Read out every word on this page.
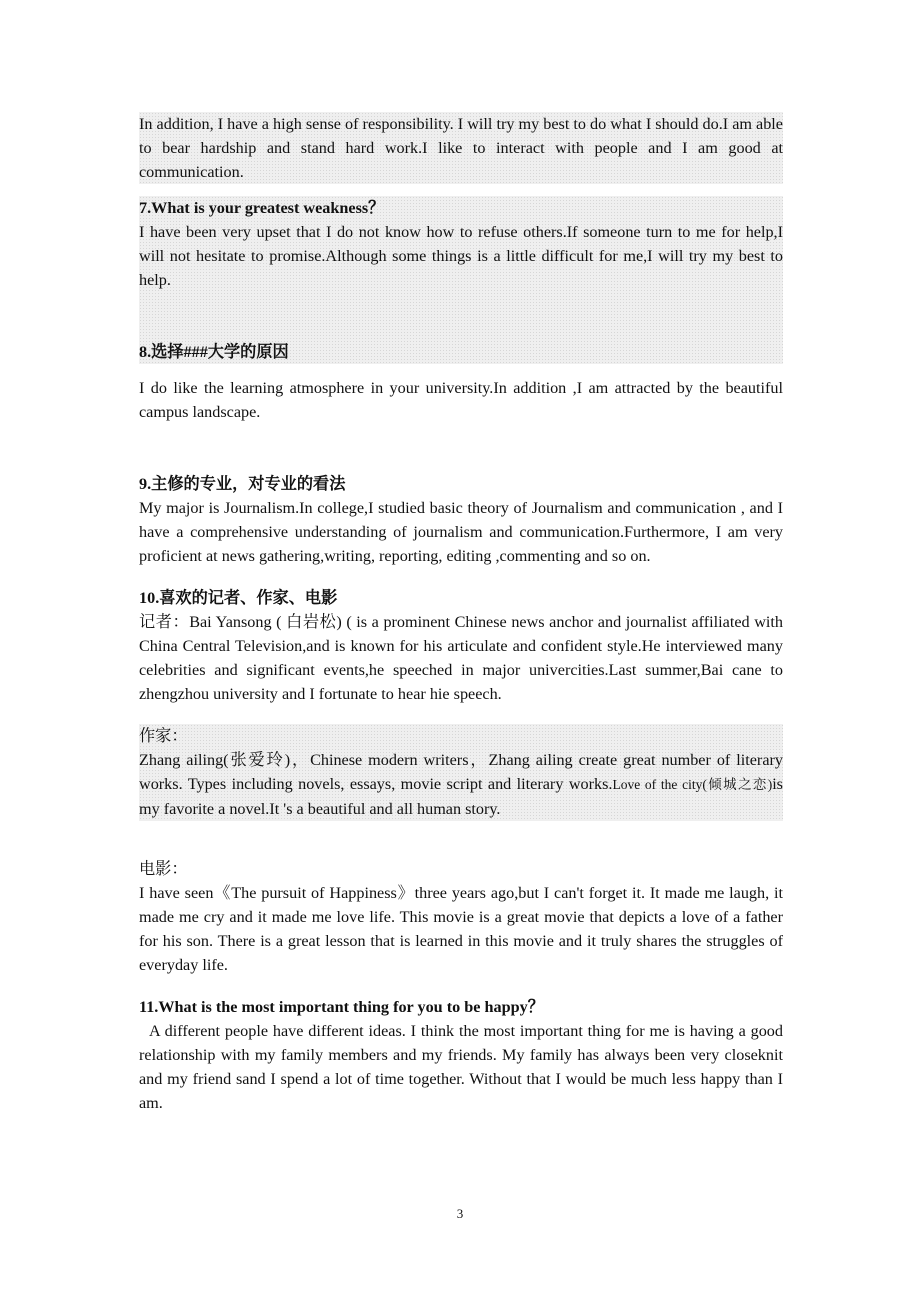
In addition, I have a high sense of responsibility. I will try my best to do what I should do.I am able to bear hardship and stand hard work.I like to interact with people and I am good at communication.

7.What is your greatest weakness？

I have been very upset that I do not know how to refuse others.If someone turn to me for help,I will not hesitate to promise.Although some things is a little difficult for me,I will try my best to help.

8.选择###大学的原因

I do like the learning atmosphere in your university.In addition ,I am attracted by the beautiful campus landscape.

9.主修的专业，对专业的看法

My major is Journalism.In college,I studied basic theory of Journalism and communication , and I have a comprehensive understanding of journalism and communication.Furthermore, I am very proficient at news gathering,writing, reporting, editing ,commenting and so on.

10.喜欢的记者、作家、电影

记者：Bai Yansong ( 白岩松) ( is a prominent Chinese news anchor and journalist affiliated with China Central Television,and is known for his articulate and confident style.He interviewed many celebrities and significant events,he speeched in major univercities.Last summer,Bai cane to zhengzhou university and I fortunate to hear hie speech.

作家：

Zhang ailing(张爱玲)，Chinese modern writers，Zhang ailing create great number of literary works. Types including novels, essays, movie script and literary works.Love of the city(倾城之恋)is my favorite a novel.It 's a beautiful and all human story.

电影：

I have seen《The pursuit of Happiness》three years ago,but I can't forget it. It made me laugh, it made me cry and it made me love life. This movie is a great movie that depicts a love of a father for his son. There is a great lesson that is learned in this movie and it truly shares the struggles of everyday life.

11.What is the most important thing for you to be happy？

A different people have different ideas. I think the most important thing for me is having a good relationship with my family members and my friends. My family has always been very closeknit and my friend sand I spend a lot of time together. Without that I would be much less happy than I am.

3
